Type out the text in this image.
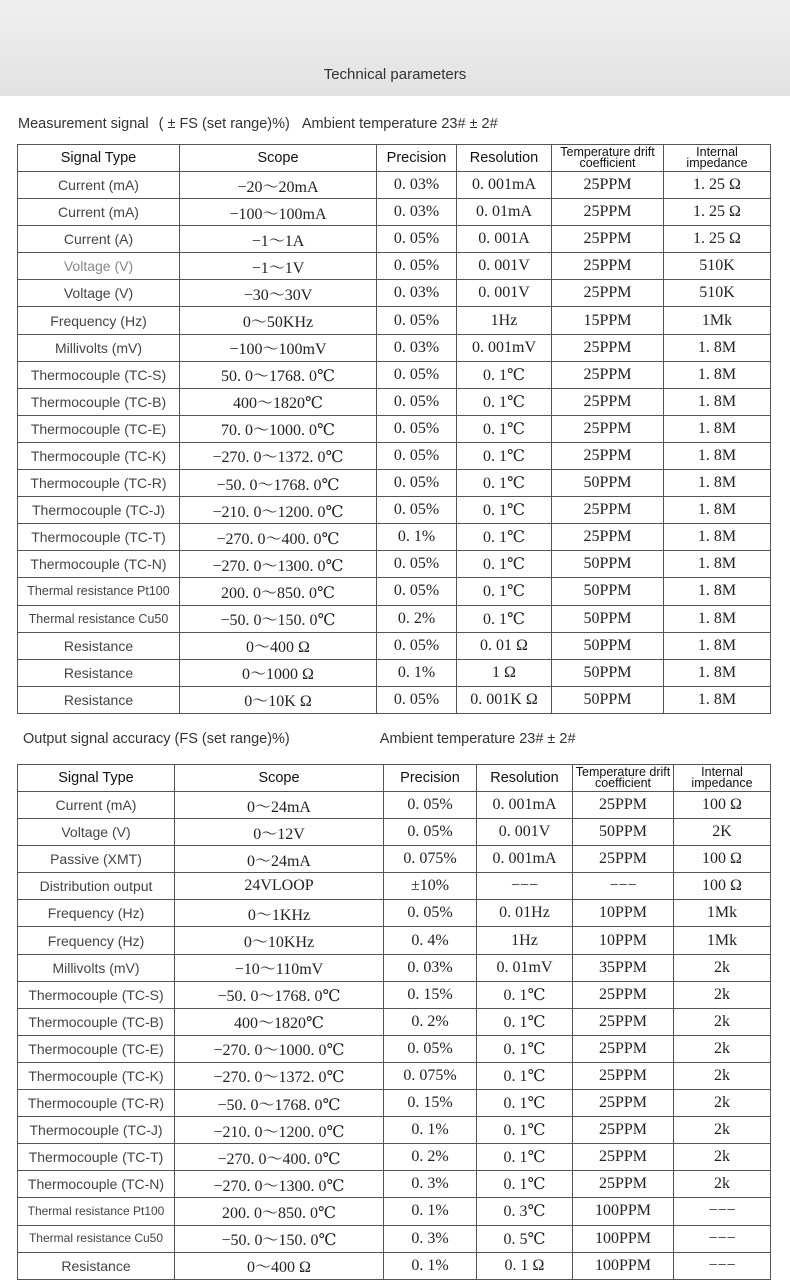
Technical parameters
Measurement signal ( ± FS (set range)%) Ambient temperature 23# ± 2#
Signal Type	Scope	Precision	Resolution	Temperature drift coefficient	Internal impedance

Current (mA)	−20～20mA	0. 03%	0. 001mA	25PPM	1. 25 Ω
Current (mA)	−100～100mA	0. 03%	0. 01mA	25PPM	1. 25 Ω
Current (A)	−1～1A	0. 05%	0. 001A	25PPM	1. 25 Ω
Voltage (V)	−1～1V	0. 05%	0. 001V	25PPM	510K
Voltage (V)	−30～30V	0. 03%	0. 001V	25PPM	510K
Frequency (Hz)	0～50KHz	0. 05%	1Hz	15PPM	1Mk
Millivolts (mV)	−100～100mV	0. 03%	0. 001mV	25PPM	1. 8M
Thermocouple (TC-S)	50. 0～1768. 0℃	0. 05%	0. 1℃	25PPM	1. 8M
Thermocouple (TC-B)	400～1820℃	0. 05%	0. 1℃	25PPM	1. 8M
Thermocouple (TC-E)	70. 0～1000. 0℃	0. 05%	0. 1℃	25PPM	1. 8M
Thermocouple (TC-K)	−270. 0～1372. 0℃	0. 05%	0. 1℃	25PPM	1. 8M
Thermocouple (TC-R)	−50. 0～1768. 0℃	0. 05%	0. 1℃	50PPM	1. 8M
Thermocouple (TC-J)	−210. 0～1200. 0℃	0. 05%	0. 1℃	25PPM	1. 8M
Thermocouple (TC-T)	−270. 0～400. 0℃	0. 1%	0. 1℃	25PPM	1. 8M
Thermocouple (TC-N)	−270. 0～1300. 0℃	0. 05%	0. 1℃	50PPM	1. 8M
Thermal resistance Pt100	200. 0～850. 0℃	0. 05%	0. 1℃	50PPM	1. 8M
Thermal resistance Cu50	−50. 0～150. 0℃	0. 2%	0. 1℃	50PPM	1. 8M
Resistance	0～400 Ω	0. 05%	0. 01 Ω	50PPM	1. 8M
Resistance	0～1000 Ω	0. 1%	1 Ω	50PPM	1. 8M
Resistance	0～10K Ω	0. 05%	0. 001K Ω	50PPM	1. 8M
Output signal accuracy (FS (set range)%)	Ambient temperature 23# ± 2#
Signal Type	Scope	Precision	Resolution	Temperature drift coefficient	Internal impedance

Current (mA)	0～24mA	0. 05%	0. 001mA	25PPM	100 Ω
Voltage (V)	0～12V	0. 05%	0. 001V	50PPM	2K
Passive (XMT)	0～24mA	0. 075%	0. 001mA	25PPM	100 Ω
Distribution output	24VLOOP	±10%	−−−	−−−	100 Ω
Frequency (Hz)	0～1KHz	0. 05%	0. 01Hz	10PPM	1Mk
Frequency (Hz)	0～10KHz	0. 4%	1Hz	10PPM	1Mk
Millivolts (mV)	−10～110mV	0. 03%	0. 01mV	35PPM	2k
Thermocouple (TC-S)	−50. 0～1768. 0℃	0. 15%	0. 1℃	25PPM	2k
Thermocouple (TC-B)	400～1820℃	0. 2%	0. 1℃	25PPM	2k
Thermocouple (TC-E)	−270. 0～1000. 0℃	0. 05%	0. 1℃	25PPM	2k
Thermocouple (TC-K)	−270. 0～1372. 0℃	0. 075%	0. 1℃	25PPM	2k
Thermocouple (TC-R)	−50. 0～1768. 0℃	0. 15%	0. 1℃	25PPM	2k
Thermocouple (TC-J)	−210. 0～1200. 0℃	0. 1%	0. 1℃	25PPM	2k
Thermocouple (TC-T)	−270. 0～400. 0℃	0. 2%	0. 1℃	25PPM	2k
Thermocouple (TC-N)	−270. 0～1300. 0℃	0. 3%	0. 1℃	25PPM	2k
Thermal resistance Pt100	200. 0～850. 0℃	0. 1%	0. 3℃	100PPM	−−−
Thermal resistance Cu50	−50. 0～150. 0℃	0. 3%	0. 5℃	100PPM	−−−
Resistance	0～400 Ω	0. 1%	0. 1 Ω	100PPM	−−−
